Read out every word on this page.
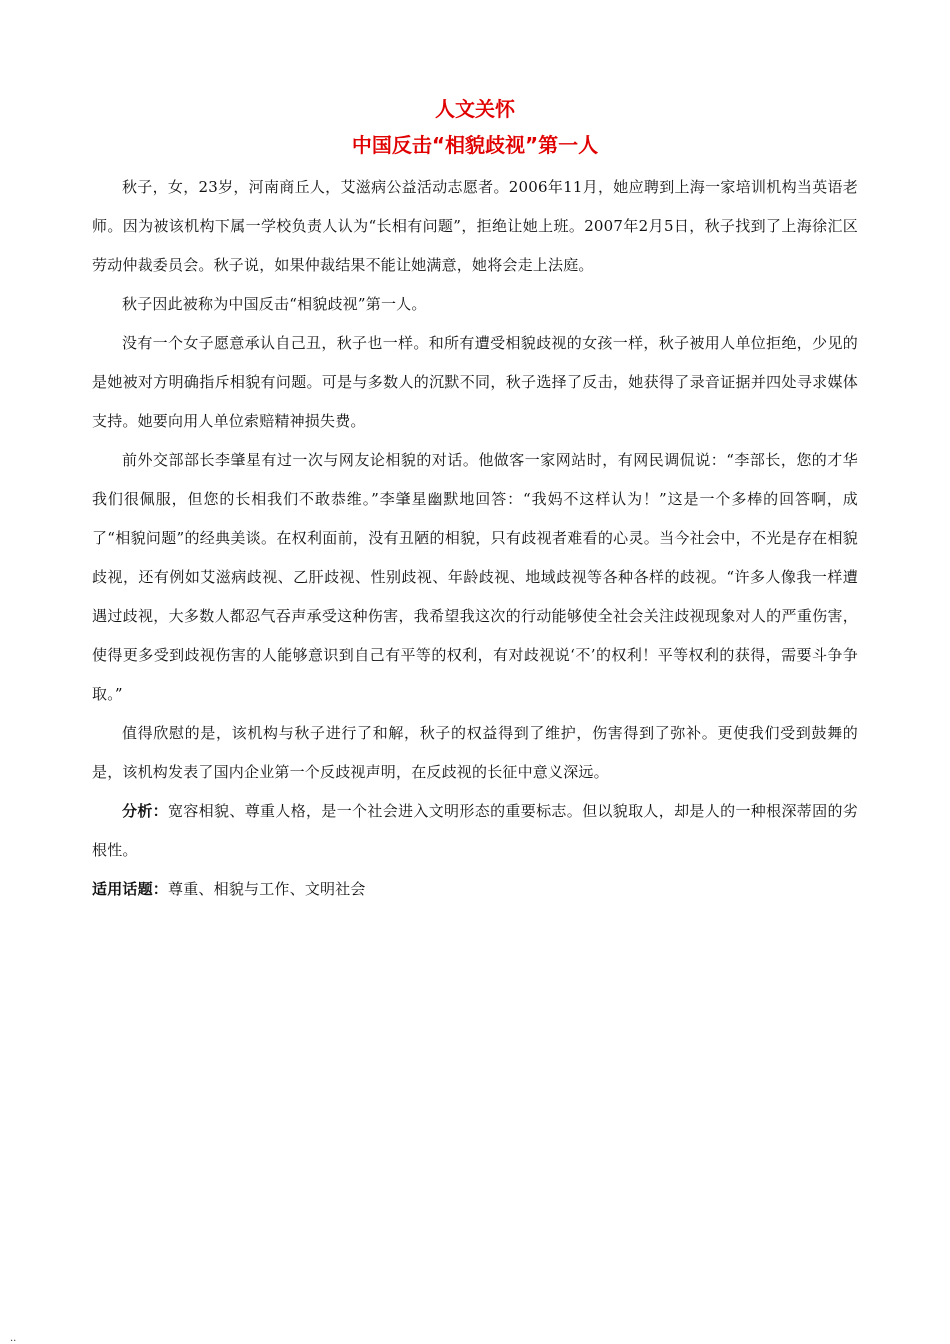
人文关怀
中国反击“相貌歧视”第一人

秋子，女，23岁，河南商丘人，艾滋病公益活动志愿者。2006年11月，她应聘到上海一家培训机构当英语老师。因为被该机构下属一学校负责人认为“长相有问题”，拒绝让她上班。2007年2月5日，秋子找到了上海徐汇区劳动仲裁委员会。秋子说，如果仲裁结果不能让她满意，她将会走上法庭。

秋子因此被称为中国反击“相貌歧视”第一人。

没有一个女子愿意承认自己丑，秋子也一样。和所有遭受相貌歧视的女孩一样，秋子被用人单位拒绝，少见的是她被对方明确指斥相貌有问题。可是与多数人的沉默不同，秋子选择了反击，她获得了录音证据并四处寻求媒体支持。她要向用人单位索赔精神损失费。

前外交部部长李肇星有过一次与网友论相貌的对话。他做客一家网站时，有网民调侃说：“李部长，您的才华我们很佩服，但您的长相我们不敢恭维。”李肇星幽默地回答：“我妈不这样认为！”这是一个多棒的回答啊，成了“相貌问题”的经典美谈。在权利面前，没有丑陋的相貌，只有歧视者难看的心灵。当今社会中，不光是存在相貌歧视，还有例如艾滋病歧视、乙肝歧视、性别歧视、年龄歧视、地域歧视等各种各样的歧视。“许多人像我一样遭遇过歧视，大多数人都忍气吞声承受这种伤害，我希望我这次的行动能够使全社会关注歧视现象对人的严重伤害，使得更多受到歧视伤害的人能够意识到自己有平等的权利，有对歧视说‘不’的权利！平等权利的获得，需要斗争争取。”

值得欣慰的是，该机构与秋子进行了和解，秋子的权益得到了维护，伤害得到了弥补。更使我们受到鼓舞的是，该机构发表了国内企业第一个反歧视声明，在反歧视的长征中意义深远。

分析：宽容相貌、尊重人格，是一个社会进入文明形态的重要标志。但以貌取人，却是人的一种根深蒂固的劣根性。

适用话题：尊重、相貌与工作、文明社会

..
